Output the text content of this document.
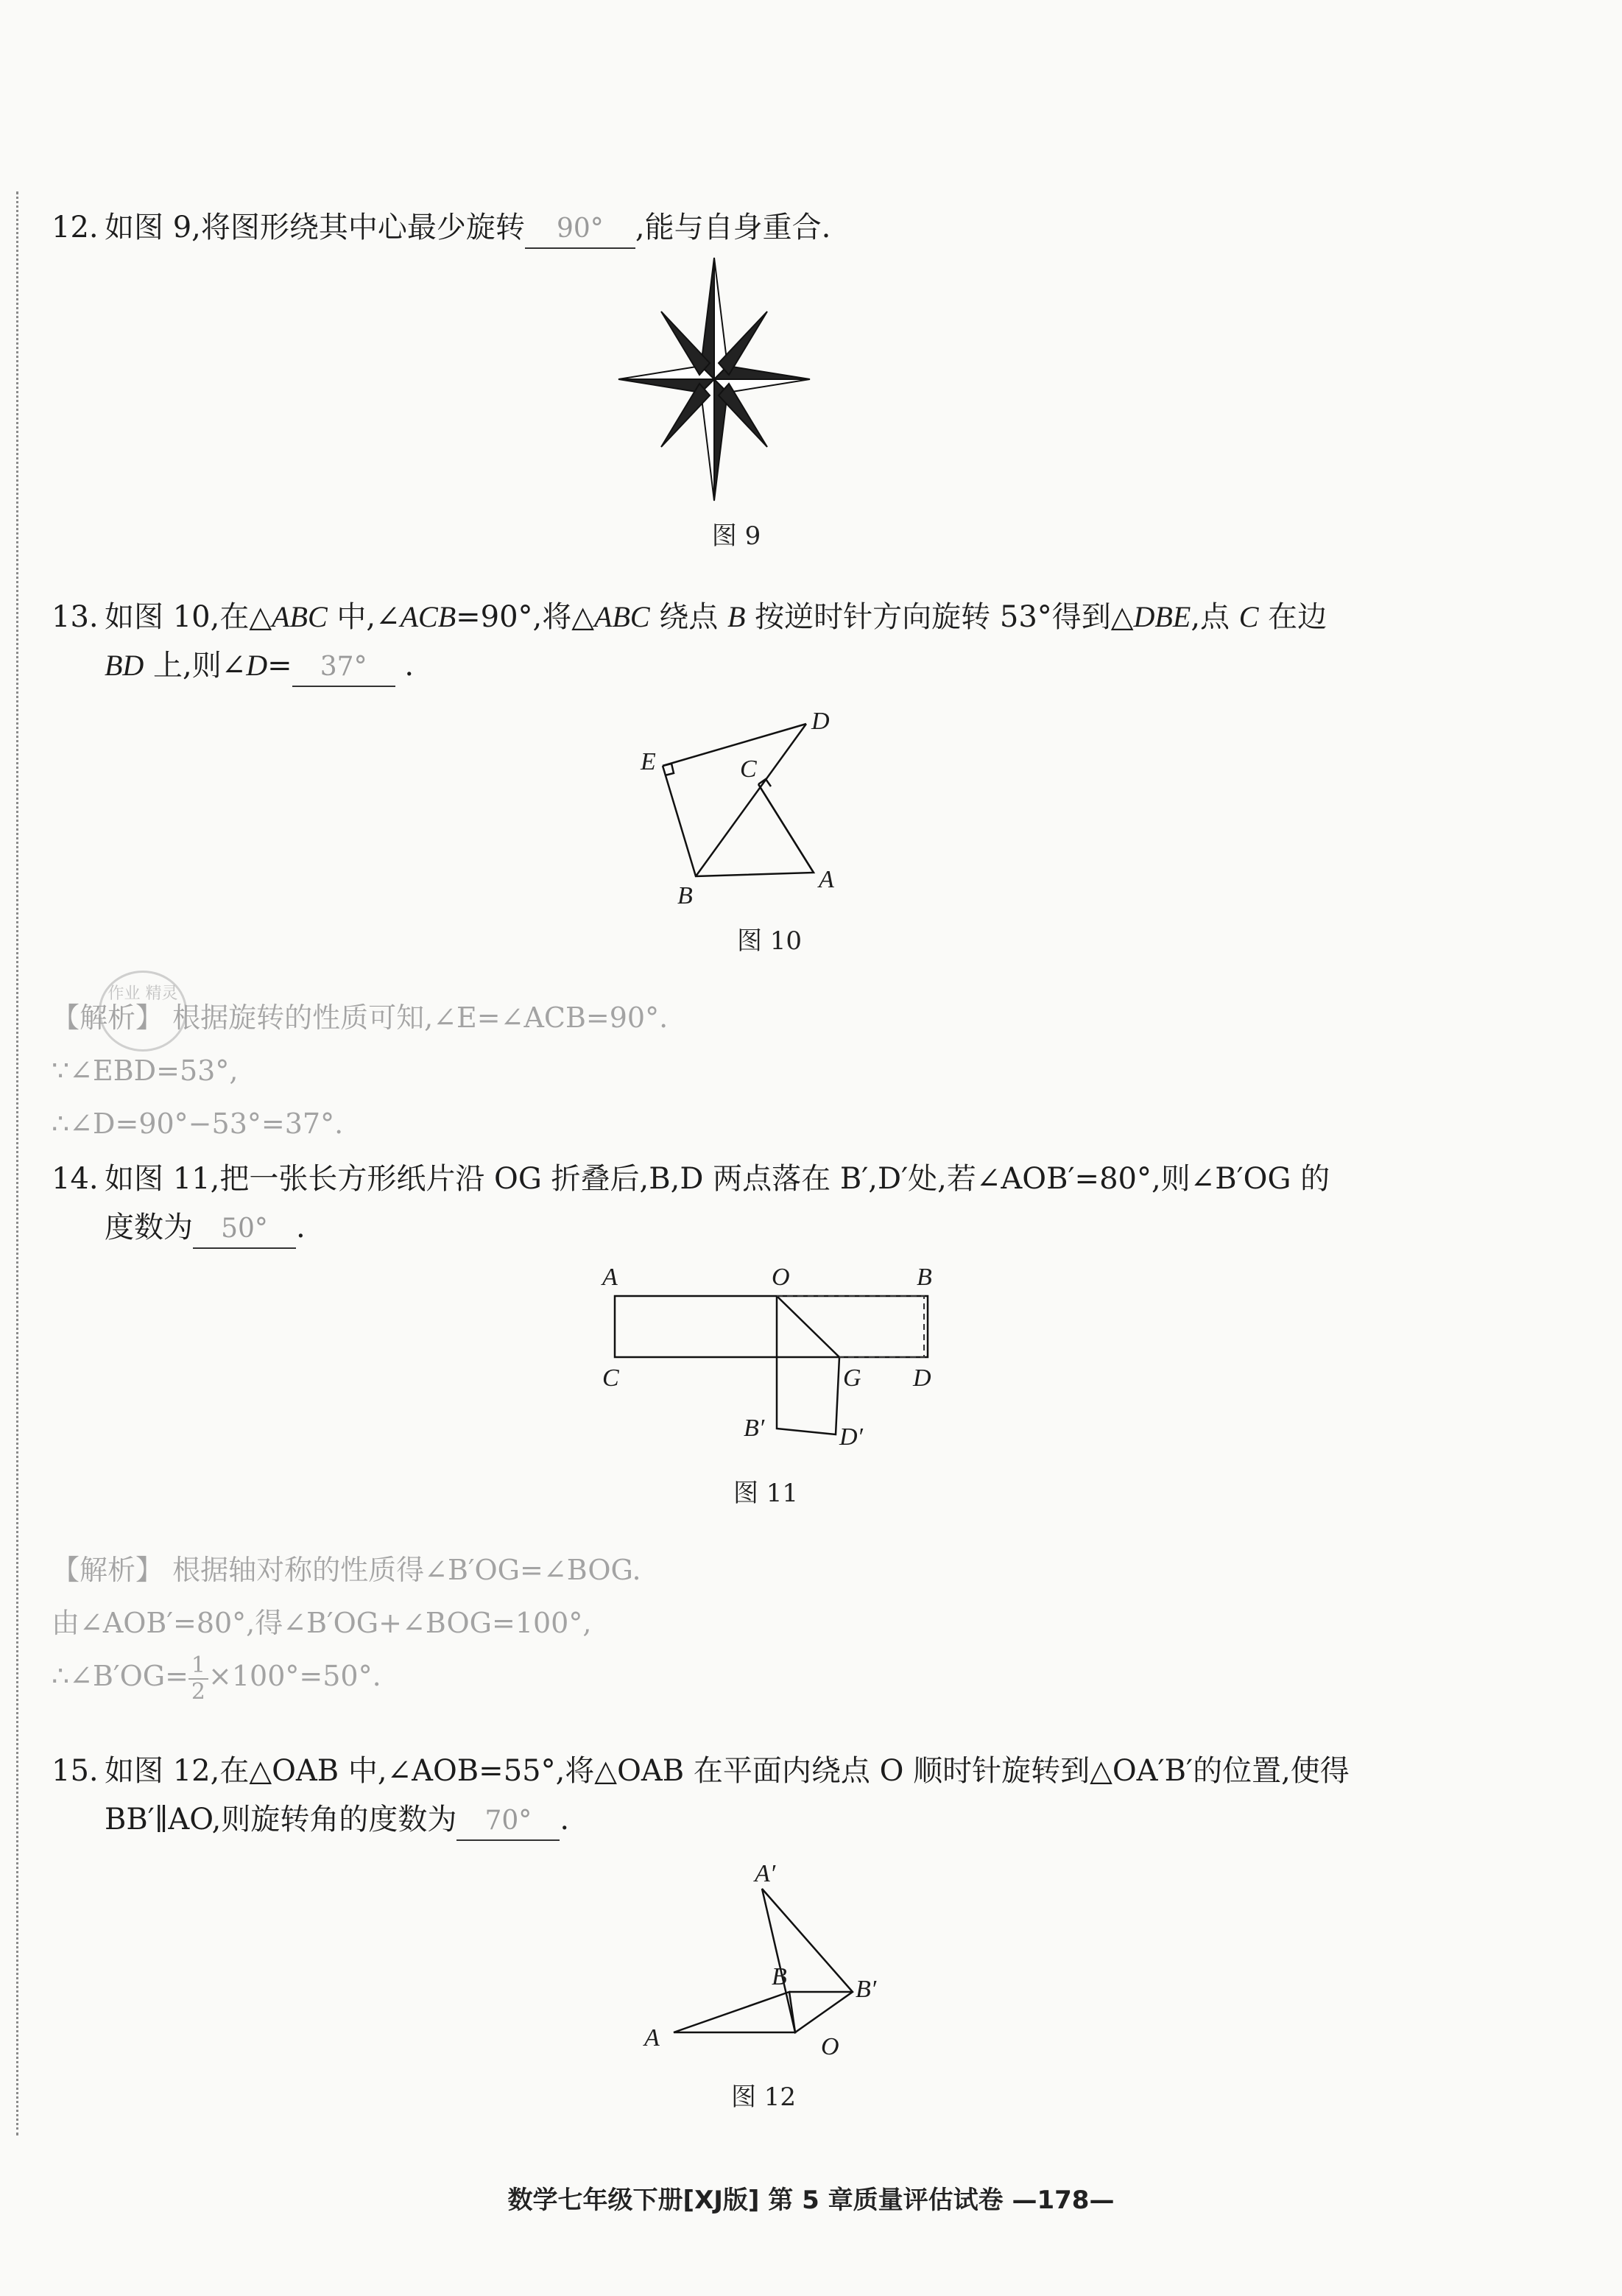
12. 如图 9,将图形绕其中心最少旋转 90° ,能与自身重合.
图 9
13. 如图 10,在△ABC 中,∠ACB=90°,将△ABC 绕点 B 按逆时针方向旋转 53°得到△DBE,点 C 在边
BD 上,则∠D= 37° .
D
E	C
B
A
图 10
作业 精灵
【解析】 根据旋转的性质可知,∠E=∠ACB=90°.
∵∠EBD=53°,
∴∠D=90°−53°=37°.
14. 如图 11,把一张长方形纸片沿 OG 折叠后,B,D 两点落在 B′,D′处,若∠AOB′=80°,则∠B′OG 的
度数为 50° .
A	O	B
C	G D
B′	D′
图 11
【解析】 根据轴对称的性质得∠B′OG=∠BOG.
由∠AOB′=80°,得∠B′OG+∠BOG=100°,
∴∠B′OG= $\frac{1}{2} \times 100^\circ=50^\circ$.
15. 如图 12,在△OAB 中,∠AOB=55°,将△OAB 在平面内绕点 O 顺时针旋转到△OA′B′的位置,使得
BB′∥AO,则旋转角的度数为 70° .
A′
B	B′
A	O
图 12
数学七年级下册[XJ版] 第 5 章质量评估试卷 —178—
